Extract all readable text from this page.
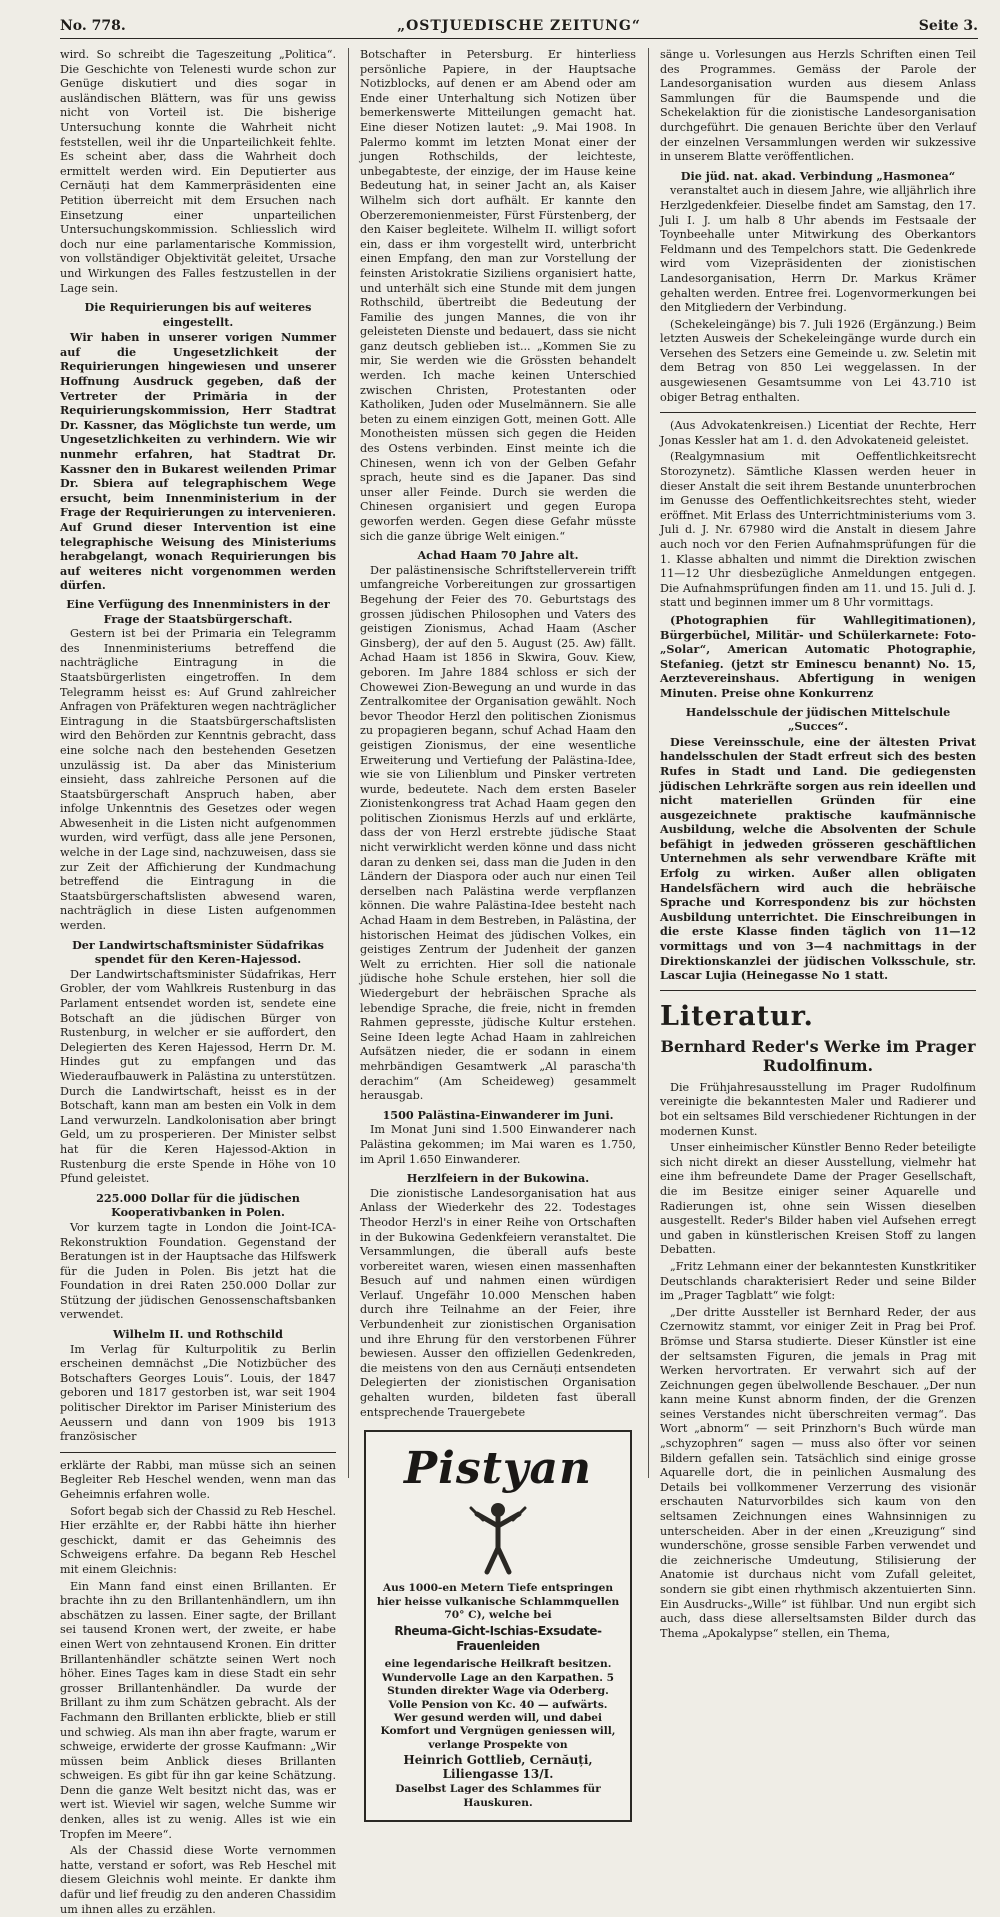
No. 778.	„OSTJUEDISCHE ZEITUNG“	Seite 3.

wird. So schreibt die Tageszeitung „Politica“. Die Geschichte von Telenesti wurde schon zur Genüge diskutiert und dies sogar in ausländischen Blättern, was für uns gewiss nicht von Vorteil ist. Die bisherige Untersuchung konnte die Wahrheit nicht feststellen, weil ihr die Unparteilichkeit fehlte. Es scheint aber, dass die Wahrheit doch ermittelt werden wird. Ein Deputierter aus Cernăuți hat dem Kammerpräsidenten eine Petition überreicht mit dem Ersuchen nach Einsetzung einer unparteilichen Untersuchungskommission. Schliesslich wird doch nur eine parlamentarische Kommission, von vollständiger Objektivität geleitet, Ursache und Wirkungen des Falles festzustellen in der Lage sein.

Die Requirierungen bis auf weiteres eingestellt.

Wir haben in unserer vorigen Nummer auf die Ungesetzlichkeit der Requirierungen hingewiesen und unserer Hoffnung Ausdruck gegeben, daß der Vertreter der Primăria in der Requirierungskommission, Herr Stadtrat Dr. Kassner, das Möglichste tun werde, um Ungesetzlichkeiten zu verhindern. Wie wir nunmehr erfahren, hat Stadtrat Dr. Kassner den in Bukarest weilenden Primar Dr. Sbiera auf telegraphischem Wege ersucht, beim Innenministerium in der Frage der Requirierungen zu intervenieren. Auf Grund dieser Intervention ist eine telegraphische Weisung des Ministeriums herabgelangt, wonach Requirierungen bis auf weiteres nicht vorgenommen werden dürfen.

Eine Verfügung des Innenministers in der Frage der Staatsbürgerschaft.

Gestern ist bei der Primaria ein Telegramm des Innenministeriums betreffend die nachträgliche Eintragung in die Staatsbürgerlisten eingetroffen. In dem Telegramm heisst es: Auf Grund zahlreicher Anfragen von Präfekturen wegen nachträglicher Eintragung in die Staatsbürgerschaftslisten wird den Behörden zur Kenntnis gebracht, dass eine solche nach den bestehenden Gesetzen unzulässig ist. Da aber das Ministerium einsieht, dass zahlreiche Personen auf die Staatsbürgerschaft Anspruch haben, aber infolge Unkenntnis des Gesetzes oder wegen Abwesenheit in die Listen nicht aufgenommen wurden, wird verfügt, dass alle jene Personen, welche in der Lage sind, nachzuweisen, dass sie zur Zeit der Affichierung der Kundmachung betreffend die Eintragung in die Staatsbürgerschaftslisten abwesend waren, nachträglich in diese Listen aufgenommen werden.

Der Landwirtschaftsminister Südafrikas spendet für den Keren-Hajessod.

Der Landwirtschaftsminister Südafrikas, Herr Grobler, der vom Wahlkreis Rustenburg in das Parlament entsendet worden ist, sendete eine Botschaft an die jüdischen Bürger von Rustenburg, in welcher er sie auffordert, den Delegierten des Keren Hajessod, Herrn Dr. M. Hindes gut zu empfangen und das Wiederaufbauwerk in Palästina zu unterstützen. Durch die Landwirtschaft, heisst es in der Botschaft, kann man am besten ein Volk in dem Land verwurzeln. Landkolonisation aber bringt Geld, um zu prosperieren. Der Minister selbst hat für die Keren Hajessod-Aktion in Rustenburg die erste Spende in Höhe von 10 Pfund geleistet.

225.000 Dollar für die jüdischen Kooperativbanken in Polen.

Vor kurzem tagte in London die Joint-ICA-Rekonstruktion Foundation. Gegenstand der Beratungen ist in der Hauptsache das Hilfswerk für die Juden in Polen. Bis jetzt hat die Foundation in drei Raten 250.000 Dollar zur Stützung der jüdischen Genossenschaftsbanken verwendet.

Wilhelm II. und Rothschild

Im Verlag für Kulturpolitik zu Berlin erscheinen demnächst „Die Notizbücher des Botschafters Georges Louis“. Louis, der 1847 geboren und 1817 gestorben ist, war seit 1904 politischer Direktor im Pariser Ministerium des Aeussern und dann von 1909 bis 1913 französischer

erklärte der Rabbi, man müsse sich an seinen Begleiter Reb Heschel wenden, wenn man das Geheimnis erfahren wolle.

Sofort begab sich der Chassid zu Reb Heschel. Hier erzählte er, der Rabbi hätte ihn hierher geschickt, damit er das Geheimnis des Schweigens erfahre. Da begann Reb Heschel mit einem Gleichnis:

Ein Mann fand einst einen Brillanten. Er brachte ihn zu den Brillantenhändlern, um ihn abschätzen zu lassen. Einer sagte, der Brillant sei tausend Kronen wert, der zweite, er habe einen Wert von zehntausend Kronen. Ein dritter Brillantenhändler schätzte seinen Wert noch höher. Eines Tages kam in diese Stadt ein sehr grosser Brillantenhändler. Da wurde der Brillant zu ihm zum Schätzen gebracht. Als der Fachmann den Brillanten erblickte, blieb er still und schwieg. Als man ihn aber fragte, warum er schweige, erwiderte der grosse Kaufmann: „Wir müssen beim Anblick dieses Brillanten schweigen. Es gibt für ihn gar keine Schätzung. Denn die ganze Welt besitzt nicht das, was er wert ist. Wieviel wir sagen, welche Summe wir denken, alles ist zu wenig. Alles ist wie ein Tropfen im Meere“.

Als der Chassid diese Worte vernommen hatte, verstand er sofort, was Reb Heschel mit diesem Gleichnis wohl meinte. Er dankte ihm dafür und lief freudig zu den anderen Chassidim um ihnen alles zu erzählen.

Botschafter in Petersburg. Er hinterliess persönliche Papiere, in der Hauptsache Notizblocks, auf denen er am Abend oder am Ende einer Unterhaltung sich Notizen über bemerkenswerte Mitteilungen gemacht hat. Eine dieser Notizen lautet: „9. Mai 1908. In Palermo kommt im letzten Monat einer der jungen Rothschilds, der leichteste, unbegabteste, der einzige, der im Hause keine Bedeutung hat, in seiner Jacht an, als Kaiser Wilhelm sich dort aufhält. Er kannte den Oberzeremonienmeister, Fürst Fürstenberg, der den Kaiser begleitete. Wilhelm II. willigt sofort ein, dass er ihm vorgestellt wird, unterbricht einen Empfang, den man zur Vorstellung der feinsten Aristokratie Siziliens organisiert hatte, und unterhält sich eine Stunde mit dem jungen Rothschild, übertreibt die Bedeutung der Familie des jungen Mannes, die von ihr geleisteten Dienste und bedauert, dass sie nicht ganz deutsch geblieben ist... „Kommen Sie zu mir, Sie werden wie die Grössten behandelt werden. Ich mache keinen Unterschied zwischen Christen, Protestanten oder Katholiken, Juden oder Muselmännern. Sie alle beten zu einem einzigen Gott, meinen Gott. Alle Monotheisten müssen sich gegen die Heiden des Ostens verbinden. Einst meinte ich die Chinesen, wenn ich von der Gelben Gefahr sprach, heute sind es die Japaner. Das sind unser aller Feinde. Durch sie werden die Chinesen organisiert und gegen Europa geworfen werden. Gegen diese Gefahr müsste sich die ganze übrige Welt einigen.“

Achad Haam 70 Jahre alt.

Der palästinensische Schriftstellerverein trifft umfangreiche Vorbereitungen zur grossartigen Begehung der Feier des 70. Geburtstags des grossen jüdischen Philosophen und Vaters des geistigen Zionismus, Achad Haam (Ascher Ginsberg), der auf den 5. August (25. Aw) fällt. Achad Haam ist 1856 in Skwira, Gouv. Kiew, geboren. Im Jahre 1884 schloss er sich der Chowewei Zion-Bewegung an und wurde in das Zentralkomitee der Organisation gewählt. Noch bevor Theodor Herzl den politischen Zionismus zu propagieren begann, schuf Achad Haam den geistigen Zionismus, der eine wesentliche Erweiterung und Vertiefung der Palästina-Idee, wie sie von Lilienblum und Pinsker vertreten wurde, bedeutete. Nach dem ersten Baseler Zionistenkongress trat Achad Haam gegen den politischen Zionismus Herzls auf und erklärte, dass der von Herzl erstrebte jüdische Staat nicht verwirklicht werden könne und dass nicht daran zu denken sei, dass man die Juden in den Ländern der Diaspora oder auch nur einen Teil derselben nach Palästina werde verpflanzen können. Die wahre Palästina-Idee besteht nach Achad Haam in dem Bestreben, in Palästina, der historischen Heimat des jüdischen Volkes, ein geistiges Zentrum der Judenheit der ganzen Welt zu errichten. Hier soll die nationale jüdische hohe Schule erstehen, hier soll die Wiedergeburt der hebräischen Sprache als lebendige Sprache, die freie, nicht in fremden Rahmen gepresste, jüdische Kultur erstehen. Seine Ideen legte Achad Haam in zahlreichen Aufsätzen nieder, die er sodann in einem mehrbändigen Gesamtwerk „Al parascha'th derachim“ (Am Scheideweg) gesammelt herausgab.

1500 Palästina-Einwanderer im Juni.

Im Monat Juni sind 1.500 Einwanderer nach Palästina gekommen; im Mai waren es 1.750, im April 1.650 Einwanderer.

Herzlfeiern in der Bukowina.

Die zionistische Landesorganisation hat aus Anlass der Wiederkehr des 22. Todestages Theodor Herzl's in einer Reihe von Ortschaften in der Bukowina Gedenkfeiern veranstaltet. Die Versammlungen, die überall aufs beste vorbereitet waren, wiesen einen massenhaften Besuch auf und nahmen einen würdigen Verlauf. Ungefähr 10.000 Menschen haben durch ihre Teilnahme an der Feier, ihre Verbundenheit zur zionistischen Organisation und ihre Ehrung für den verstorbenen Führer bewiesen. Ausser den offiziellen Gedenkreden, die meistens von den aus Cernăuți entsendeten Delegierten der zionistischen Organisation gehalten wurden, bildeten fast überall entsprechende Trauergebete

Pistyan

Aus 1000-en Metern Tiefe entspringen hier heisse vulkanische Schlammquellen 70° C), welche bei

Rheuma-Gicht-Ischias-Exsudate-Frauenleiden

eine legendarische Heilkraft besitzen. Wundervolle Lage an den Karpathen. 5 Stunden direkter Wage via Oderberg. Volle Pension von Kc. 40 — aufwärts. Wer gesund werden will, und dabei Komfort und Vergnügen geniessen will, verlange Prospekte von

Heinrich Gottlieb, Cernăuți, Liliengasse 13/I.

Daselbst Lager des Schlammes für Hauskuren.

sänge u. Vorlesungen aus Herzls Schriften einen Teil des Programmes. Gemäss der Parole der Landesorganisation wurden aus diesem Anlass Sammlungen für die Baumspende und die Schekelaktion für die zionistische Landesorganisation durchgeführt. Die genauen Berichte über den Verlauf der einzelnen Versammlungen werden wir sukzessive in unserem Blatte veröffentlichen.

Die jüd. nat. akad. Verbindung „Hasmonea“

veranstaltet auch in diesem Jahre, wie alljährlich ihre Herzlgedenkfeier. Dieselbe findet am Samstag, den 17. Juli I. J. um halb 8 Uhr abends im Festsaale der Toynbeehalle unter Mitwirkung des Oberkantors Feldmann und des Tempelchors statt. Die Gedenkrede wird vom Vizepräsidenten der zionistischen Landesorganisation, Herrn Dr. Markus Krämer gehalten werden. Entree frei. Logenvormerkungen bei den Mitgliedern der Verbindung.

(Schekeleingänge) bis 7. Juli 1926 (Ergänzung.) Beim letzten Ausweis der Schekeleingänge wurde durch ein Versehen des Setzers eine Gemeinde u. zw. Seletin mit dem Betrag von 850 Lei weggelassen. In der ausgewiesenen Gesamtsumme von Lei 43.710 ist obiger Betrag enthalten.

(Aus Advokatenkreisen.) Licentiat der Rechte, Herr Jonas Kessler hat am 1. d. den Advokateneid geleistet.

(Realgymnasium mit Oeffentlichkeitsrecht Storozynetz). Sämtliche Klassen werden heuer in dieser Anstalt die seit ihrem Bestande ununterbrochen im Genusse des Oeffentlichkeitsrechtes steht, wieder eröffnet. Mit Erlass des Unterrichtministeriums vom 3. Juli d. J. Nr. 67980 wird die Anstalt in diesem Jahre auch noch vor den Ferien Aufnahmsprüfungen für die 1. Klasse abhalten und nimmt die Direktion zwischen 11—12 Uhr diesbezügliche Anmeldungen entgegen. Die Aufnahmsprüfungen finden am 11. und 15. Juli d. J. statt und beginnen immer um 8 Uhr vormittags.

(Photographien für Wahllegitimationen), Bürgerbüchel, Militär- und Schülerkarnete: Foto-„Solar“, American Automatic Photographie, Stefanieg. (jetzt str Eminescu benannt) No. 15, Aerztevereinshaus. Abfertigung in wenigen Minuten. Preise ohne Konkurrenz

Handelsschule der jüdischen Mittelschule „Succes“.

Diese Vereinsschule, eine der ältesten Privat handelsschulen der Stadt erfreut sich des besten Rufes in Stadt und Land. Die gediegensten jüdischen Lehrkräfte sorgen aus rein ideellen und nicht materiellen Gründen für eine ausgezeichnete praktische kaufmännische Ausbildung, welche die Absolventen der Schule befähigt in jedweden grösseren geschäftlichen Unternehmen als sehr verwendbare Kräfte mit Erfolg zu wirken. Außer allen obligaten Handelsfächern wird auch die hebräische Sprache und Korrespondenz bis zur höchsten Ausbildung unterrichtet. Die Einschreibungen in die erste Klasse finden täglich von 11—12 vormittags und von 3—4 nachmittags in der Direktionskanzlei der jüdischen Volksschule, str. Lascar Lujia (Heinegasse No 1 statt.

Literatur.

Bernhard Reder's Werke im Prager Rudolfinum.

Die Frühjahresausstellung im Prager Rudolfinum vereinigte die bekanntesten Maler und Radierer und bot ein seltsames Bild verschiedener Richtungen in der modernen Kunst.

Unser einheimischer Künstler Benno Reder beteiligte sich nicht direkt an dieser Ausstellung, vielmehr hat eine ihm befreundete Dame der Prager Gesellschaft, die im Besitze einiger seiner Aquarelle und Radierungen ist, ohne sein Wissen dieselben ausgestellt. Reder's Bilder haben viel Aufsehen erregt und gaben in künstlerischen Kreisen Stoff zu langen Debatten.

„Fritz Lehmann einer der bekanntesten Kunstkritiker Deutschlands charakterisiert Reder und seine Bilder im „Prager Tagblatt“ wie folgt:

„Der dritte Aussteller ist Bernhard Reder, der aus Czernowitz stammt, vor einiger Zeit in Prag bei Prof. Brömse und Starsa studierte. Dieser Künstler ist eine der seltsamsten Figuren, die jemals in Prag mit Werken hervortraten. Er verwahrt sich auf der Zeichnungen gegen übelwollende Beschauer. „Der nun kann meine Kunst abnorm finden, der die Grenzen seines Verstandes nicht überschreiten vermag“. Das Wort „abnorm“ — seit Prinzhorn's Buch würde man „schyzophren“ sagen — muss also öfter vor seinen Bildern gefallen sein. Tatsächlich sind einige grosse Aquarelle dort, die in peinlichen Ausmalung des Details bei vollkommener Verzerrung des visionär erschauten Naturvorbildes sich kaum von den seltsamen Zeichnungen eines Wahnsinnigen zu unterscheiden. Aber in der einen „Kreuzigung“ sind wunderschöne, grosse sensible Farben verwendet und die zeichnerische Umdeutung, Stilisierung der Anatomie ist durchaus nicht vom Zufall geleitet, sondern sie gibt einen rhythmisch akzentuierten Sinn. Ein Ausdrucks-„Wille“ ist fühlbar. Und nun ergibt sich auch, dass diese allerseltsamsten Bilder durch das Thema „Apokalypse“ stellen, ein Thema,
